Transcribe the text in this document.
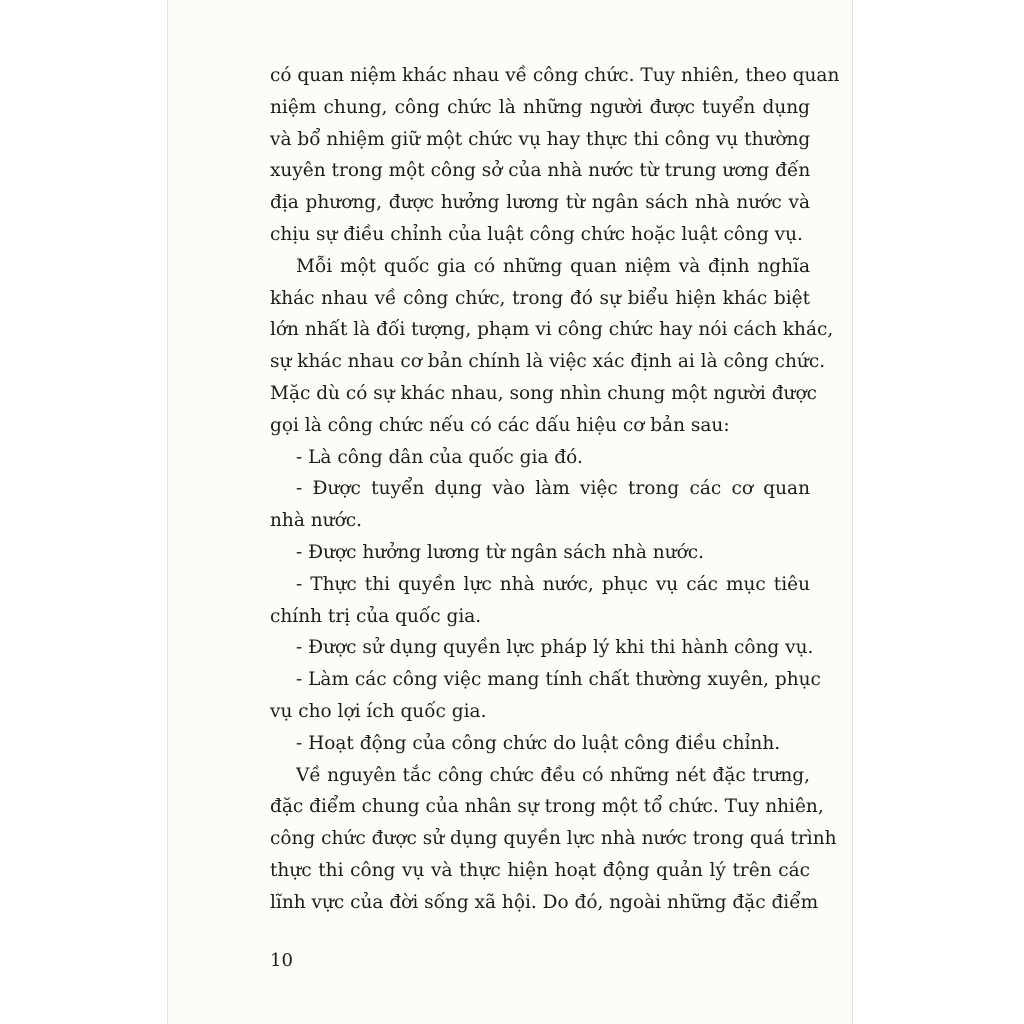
có quan niệm khác nhau về công chức. Tuy nhiên, theo quan
niệm chung, công chức là những người được tuyển dụng
và bổ nhiệm giữ một chức vụ hay thực thi công vụ thường
xuyên trong một công sở của nhà nước từ trung ương đến
địa phương, được hưởng lương từ ngân sách nhà nước và
chịu sự điều chỉnh của luật công chức hoặc luật công vụ.
Mỗi một quốc gia có những quan niệm và định nghĩa
khác nhau về công chức, trong đó sự biểu hiện khác biệt
lớn nhất là đối tượng, phạm vi công chức hay nói cách khác,
sự khác nhau cơ bản chính là việc xác định ai là công chức.
Mặc dù có sự khác nhau, song nhìn chung một người được
gọi là công chức nếu có các dấu hiệu cơ bản sau:
- Là công dân của quốc gia đó.
- Được tuyển dụng vào làm việc trong các cơ quan
nhà nước.
- Được hưởng lương từ ngân sách nhà nước.
- Thực thi quyền lực nhà nước, phục vụ các mục tiêu
chính trị của quốc gia.
- Được sử dụng quyền lực pháp lý khi thi hành công vụ.
- Làm các công việc mang tính chất thường xuyên, phục
vụ cho lợi ích quốc gia.
- Hoạt động của công chức do luật công điều chỉnh.
Về nguyên tắc công chức đều có những nét đặc trưng,
đặc điểm chung của nhân sự trong một tổ chức. Tuy nhiên,
công chức được sử dụng quyền lực nhà nước trong quá trình
thực thi công vụ và thực hiện hoạt động quản lý trên các
lĩnh vực của đời sống xã hội. Do đó, ngoài những đặc điểm
10
